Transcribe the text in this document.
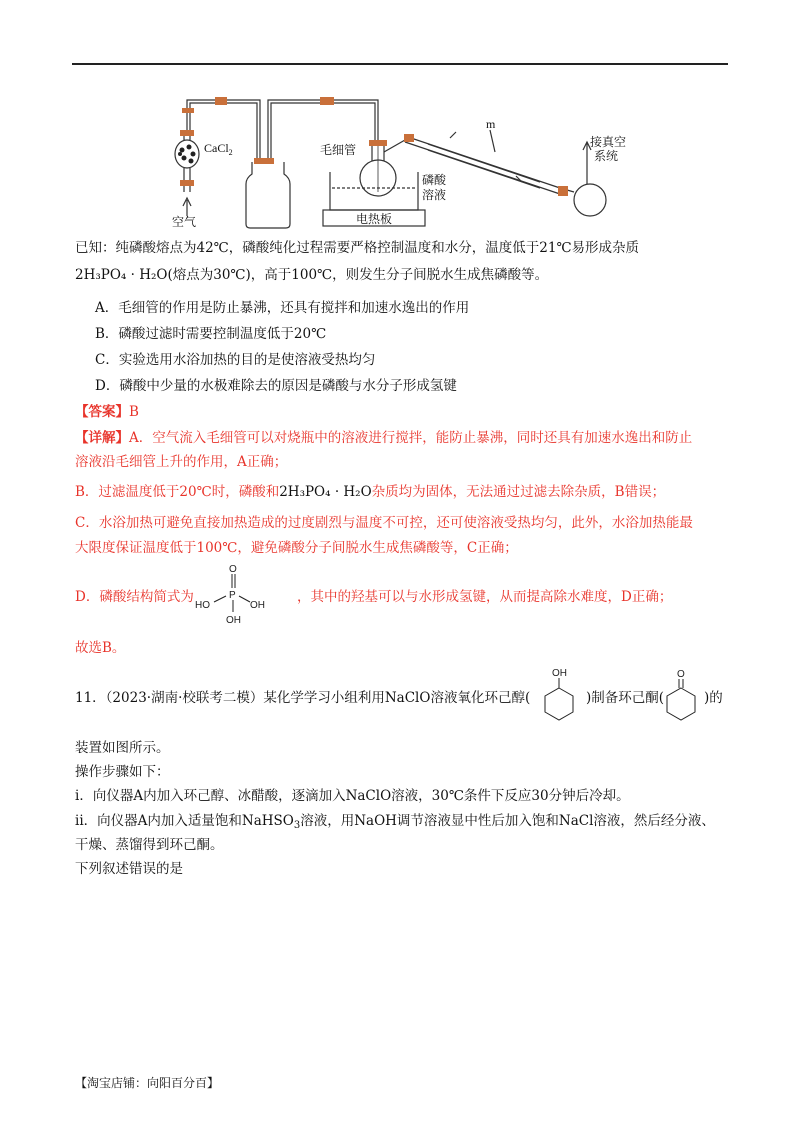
CaCl$_2$
空气
毛细管
磷酸
溶液
电热板
m
接真空
系统
已知：纯磷酸熔点为42℃，磷酸纯化过程需要严格控制温度和水分，温度低于21℃易形成杂质
2H₃PO₄ · H₂O(熔点为30℃)，高于100℃，则发生分子间脱水生成焦磷酸等。
A．毛细管的作用是防止暴沸，还具有搅拌和加速水逸出的作用
B．磷酸过滤时需要控制温度低于20℃
C．实验选用水浴加热的目的是使溶液受热均匀
D．磷酸中少量的水极难除去的原因是磷酸与水分子形成氢键
【答案】B
【详解】A．空气流入毛细管可以对烧瓶中的溶液进行搅拌，能防止暴沸，同时还具有加速水逸出和防止
溶液沿毛细管上升的作用，A正确；
B．过滤温度低于20℃时，磷酸和2H₃PO₄ · H₂O杂质均为固体，无法通过过滤去除杂质，B错误；
C．水浴加热可避免直接加热造成的过度剧烈与温度不可控，还可使溶液受热均匀，此外，水浴加热能最
大限度保证温度低于100℃，避免磷酸分子间脱水生成焦磷酸等，C正确；
D．磷酸结构简式为
O
P
HO	OH
OH
，其中的羟基可以与水形成氢键，从而提高除水难度，D正确；
故选B。
11．（2023·湖南·校联考二模）某化学学习小组利用NaClO溶液氧化环己醇(
OH
)制备环己酮(
O
)的
装置如图所示。
操作步骤如下：
i．向仪器A内加入环己醇、冰醋酸，逐滴加入NaClO溶液，30℃条件下反应30分钟后冷却。
ii．向仪器A内加入适量饱和NaHSO$_3$溶液，用NaOH调节溶液显中性后加入饱和NaCl溶液，然后经分液、
干燥、蒸馏得到环己酮。
下列叙述错误的是
【淘宝店铺：向阳百分百】
